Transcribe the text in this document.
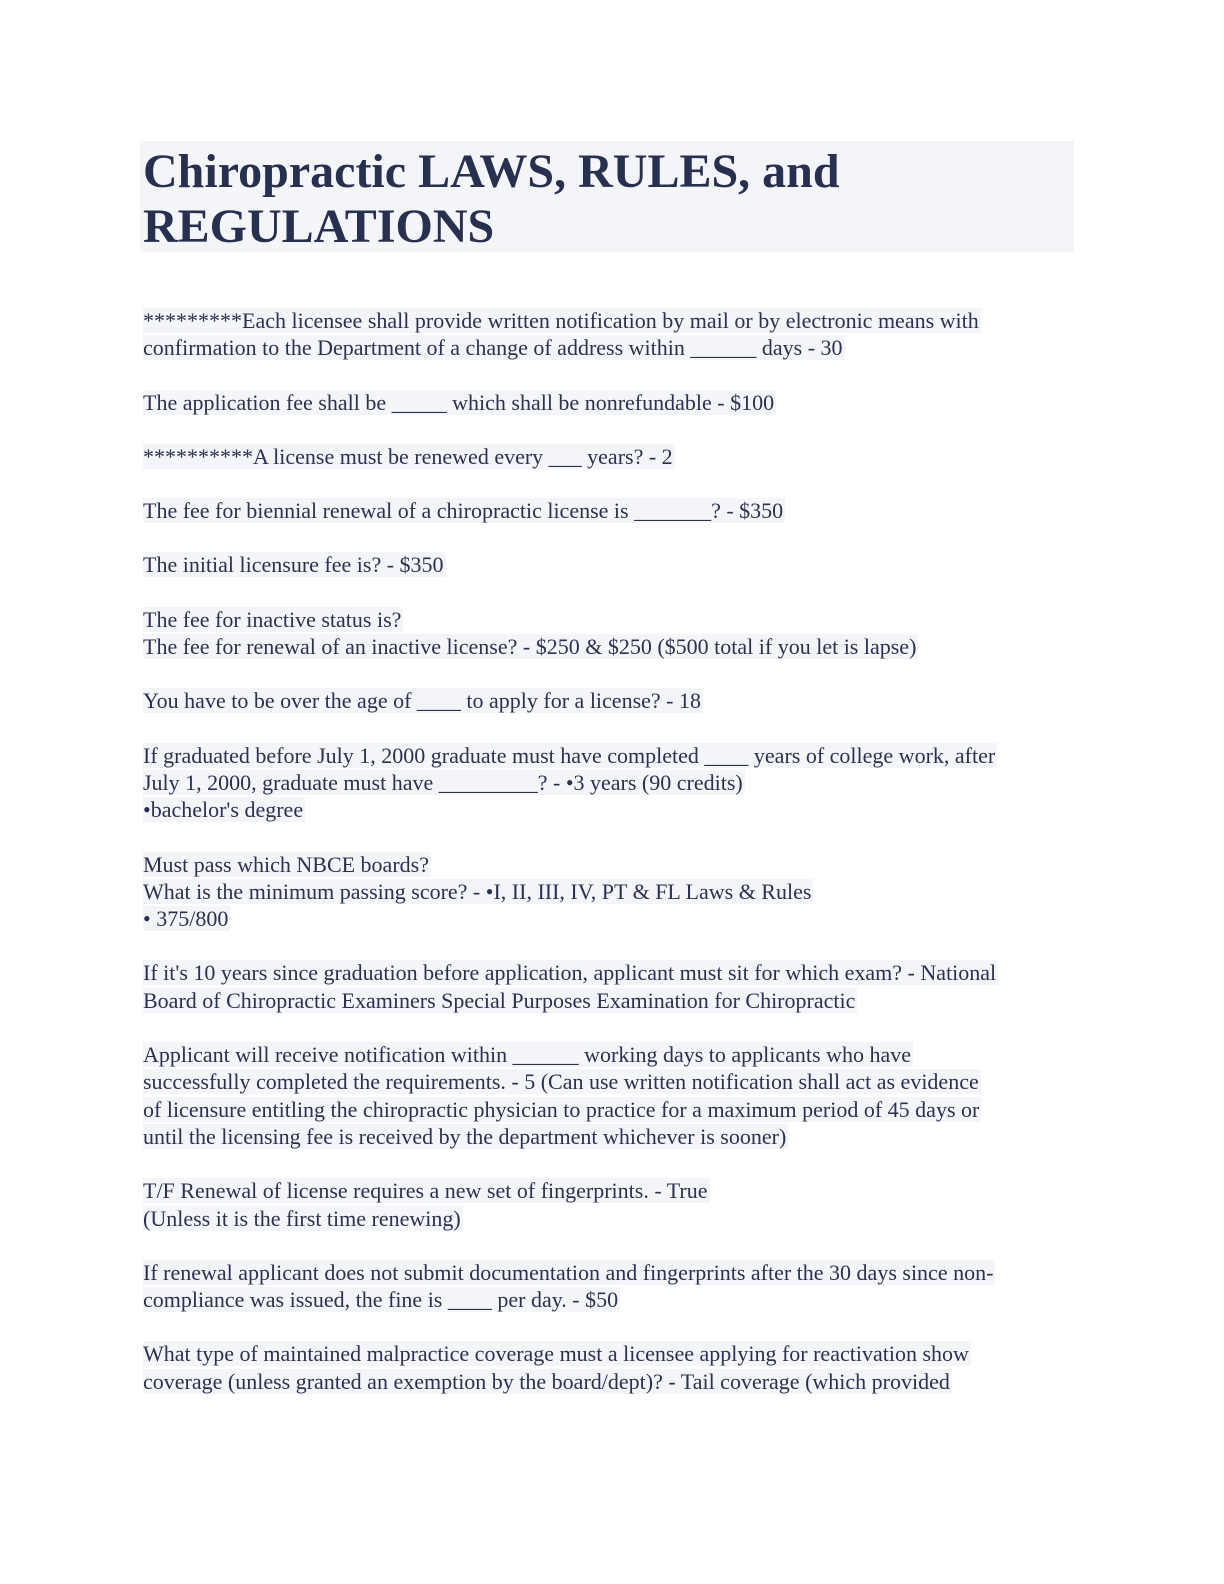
Chiropractic LAWS, RULES, and REGULATIONS

*********Each licensee shall provide written notification by mail or by electronic means with
confirmation to the Department of a change of address within ______ days - 30

The application fee shall be _____ which shall be nonrefundable - $100

**********A license must be renewed every ___ years? - 2

The fee for biennial renewal of a chiropractic license is _______? - $350

The initial licensure fee is? - $350

The fee for inactive status is?
The fee for renewal of an inactive license? - $250 & $250 ($500 total if you let is lapse)

You have to be over the age of ____ to apply for a license? - 18

If graduated before July 1, 2000 graduate must have completed ____ years of college work, after
July 1, 2000, graduate must have _________? - •3 years (90 credits)
•bachelor's degree

Must pass which NBCE boards?
What is the minimum passing score? - •I, II, III, IV, PT & FL Laws & Rules
• 375/800

If it's 10 years since graduation before application, applicant must sit for which exam? - National
Board of Chiropractic Examiners Special Purposes Examination for Chiropractic

Applicant will receive notification within ______ working days to applicants who have
successfully completed the requirements. - 5 (Can use written notification shall act as evidence
of licensure entitling the chiropractic physician to practice for a maximum period of 45 days or
until the licensing fee is received by the department whichever is sooner)

T/F Renewal of license requires a new set of fingerprints. - True
(Unless it is the first time renewing)

If renewal applicant does not submit documentation and fingerprints after the 30 days since non-
compliance was issued, the fine is ____ per day. - $50

What type of maintained malpractice coverage must a licensee applying for reactivation show
coverage (unless granted an exemption by the board/dept)? - Tail coverage (which provided
